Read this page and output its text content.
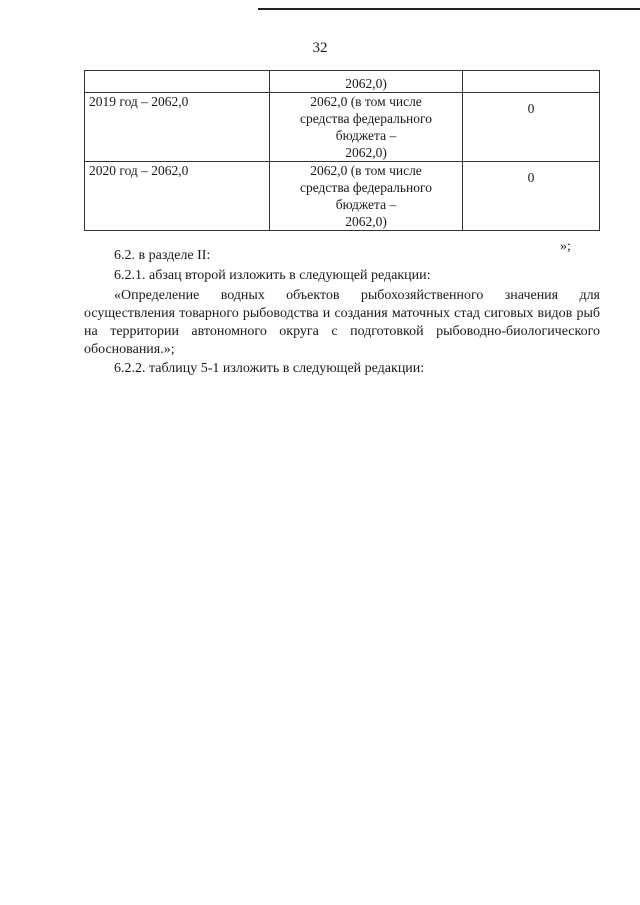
32
	2062,0)	
2019 год – 2062,0	2062,0 (в том числе
средства федерального
бюджета –
2062,0)	0
2020 год – 2062,0	2062,0 (в том числе
средства федерального
бюджета –
2062,0)	0
»;
6.2. в разделе II:
6.2.1. абзац второй изложить в следующей редакции:
«Определение водных объектов рыбохозяйственного значения для осуществления товарного рыбоводства и создания маточных стад сиговых видов рыб на территории автономного округа с подготовкой рыбоводно-биологического обоснования.»;
6.2.2. таблицу 5-1 изложить в следующей редакции:
